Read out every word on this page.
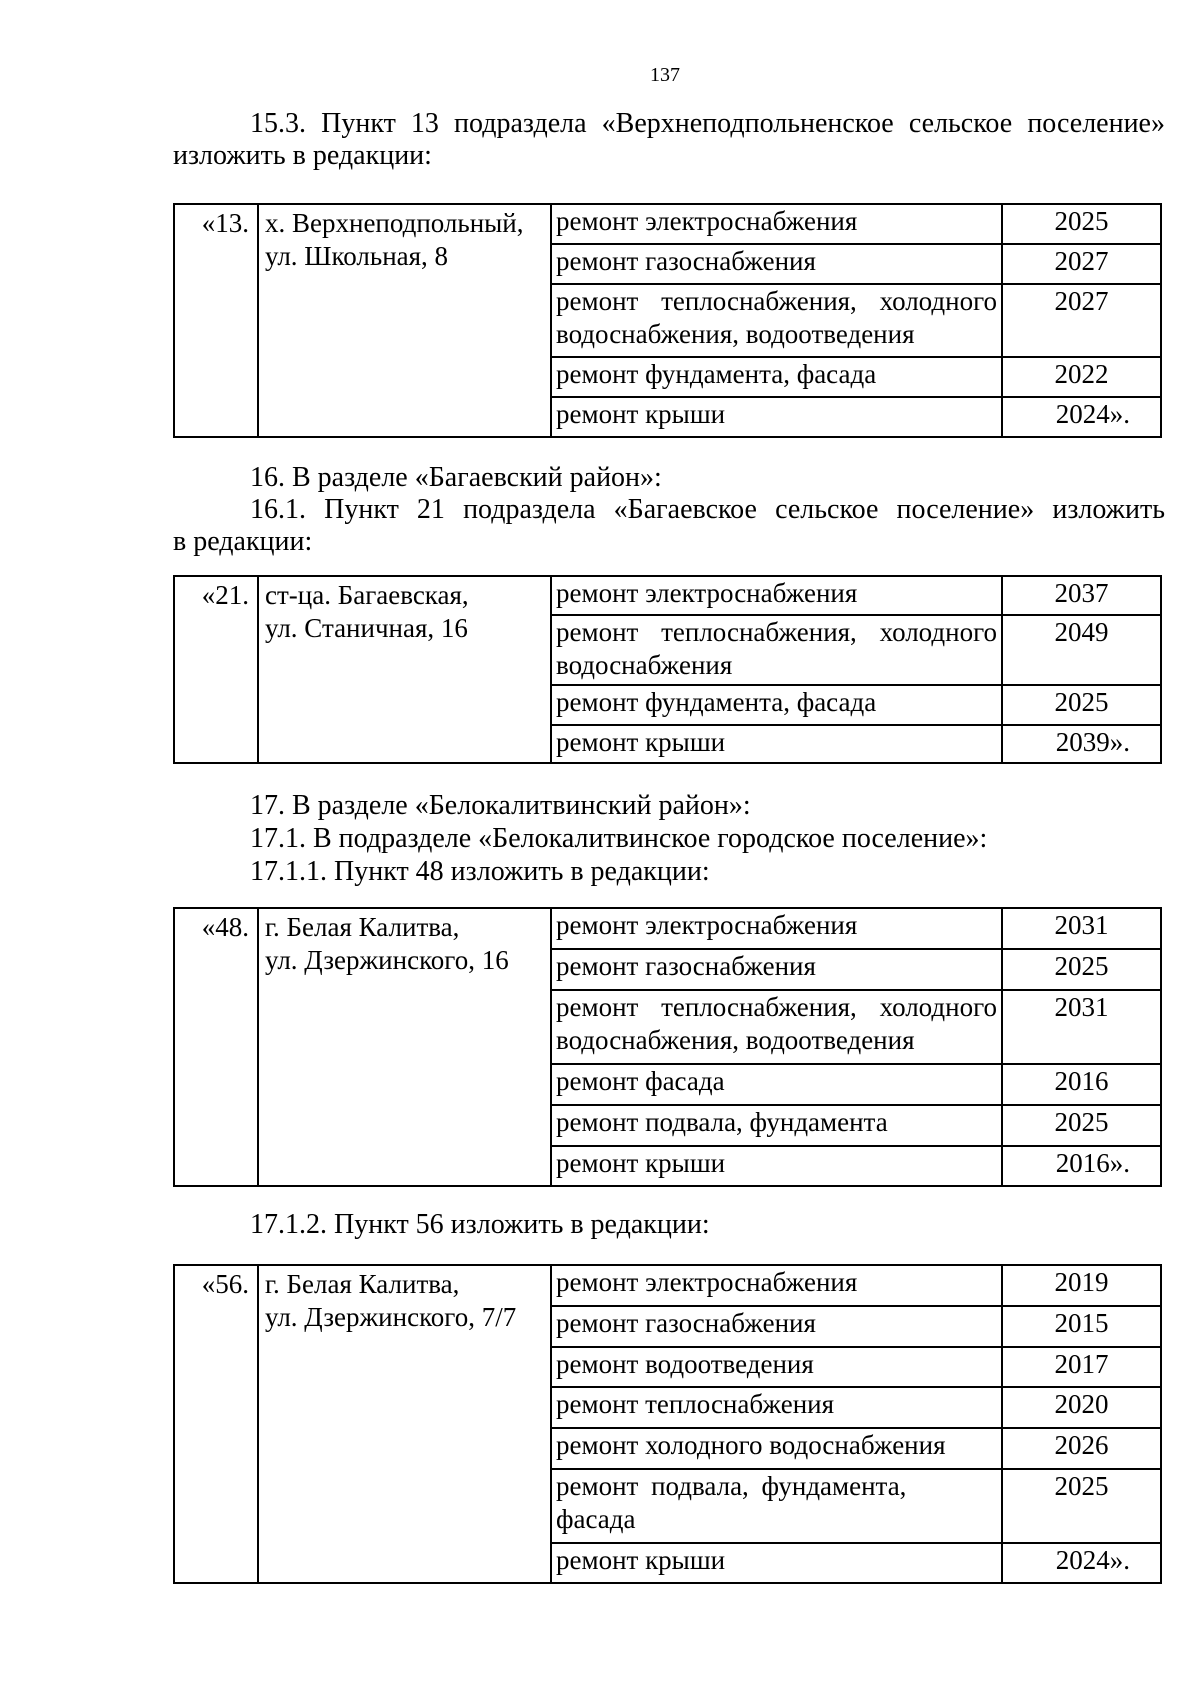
137
15.3. Пункт 13 подраздела «Верхнеподпольненское сельское поселение»
изложить в редакции:
«13.	х. Верхнеподпольный,
ул. Школьная, 8	ремонт электроснабжения	2025
		ремонт газоснабжения	2027
		ремонт теплоснабжения, холодного водоснабжения, водоотведения	2027
		ремонт фундамента, фасада	2022
		ремонт крыши	2024».
16. В разделе «Багаевский район»:
16.1. Пункт 21 подраздела «Багаевское сельское поселение» изложить
в редакции:
«21.	ст-ца. Багаевская,
ул. Станичная, 16	ремонт электроснабжения	2037
		ремонт теплоснабжения, холодного водоснабжения	2049
		ремонт фундамента, фасада	2025
		ремонт крыши	2039».
17. В разделе «Белокалитвинский район»:
17.1. В подразделе «Белокалитвинское городское поселение»:
17.1.1. Пункт 48 изложить в редакции:
«48.	г. Белая Калитва,
ул. Дзержинского, 16	ремонт электроснабжения	2031
		ремонт газоснабжения	2025
		ремонт теплоснабжения, холодного водоснабжения, водоотведения	2031
		ремонт фасада	2016
		ремонт подвала, фундамента	2025
		ремонт крыши	2016».
17.1.2. Пункт 56 изложить в редакции:
«56.	г. Белая Калитва,
ул. Дзержинского, 7/7	ремонт электроснабжения	2019
		ремонт газоснабжения	2015
		ремонт водоотведения	2017
		ремонт теплоснабжения	2020
		ремонт холодного водоснабжения	2026
		ремонт подвала, фундамента, фасада	2025
		ремонт крыши	2024».
